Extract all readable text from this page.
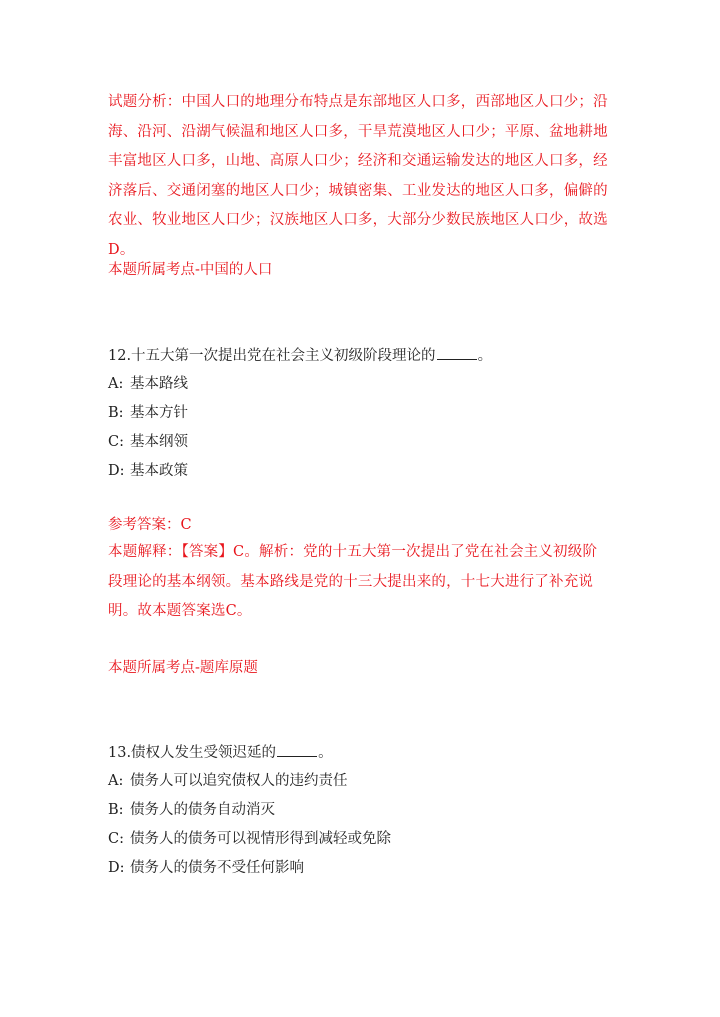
试题分析：中国人口的地理分布特点是东部地区人口多，西部地区人口少；沿海、沿河、沿湖气候温和地区人口多，干旱荒漠地区人口少；平原、盆地耕地丰富地区人口多，山地、高原人口少；经济和交通运输发达的地区人口多，经济落后、交通闭塞的地区人口少；城镇密集、工业发达的地区人口多，偏僻的农业、牧业地区人口少；汉族地区人口多，大部分少数民族地区人口少，故选D。
本题所属考点-中国的人口
12.十五大第一次提出党在社会主义初级阶段理论的	。
A: 基本路线
B: 基本方针
C: 基本纲领
D: 基本政策
参考答案：C
本题解释：【答案】C。解析：党的十五大第一次提出了党在社会主义初级阶段理论的基本纲领。基本路线是党的十三大提出来的，十七大进行了补充说明。故本题答案选C。
本题所属考点-题库原题
13.债权人发生受领迟延的	。
A: 债务人可以追究债权人的违约责任
B: 债务人的债务自动消灭
C: 债务人的债务可以视情形得到减轻或免除
D: 债务人的债务不受任何影响
